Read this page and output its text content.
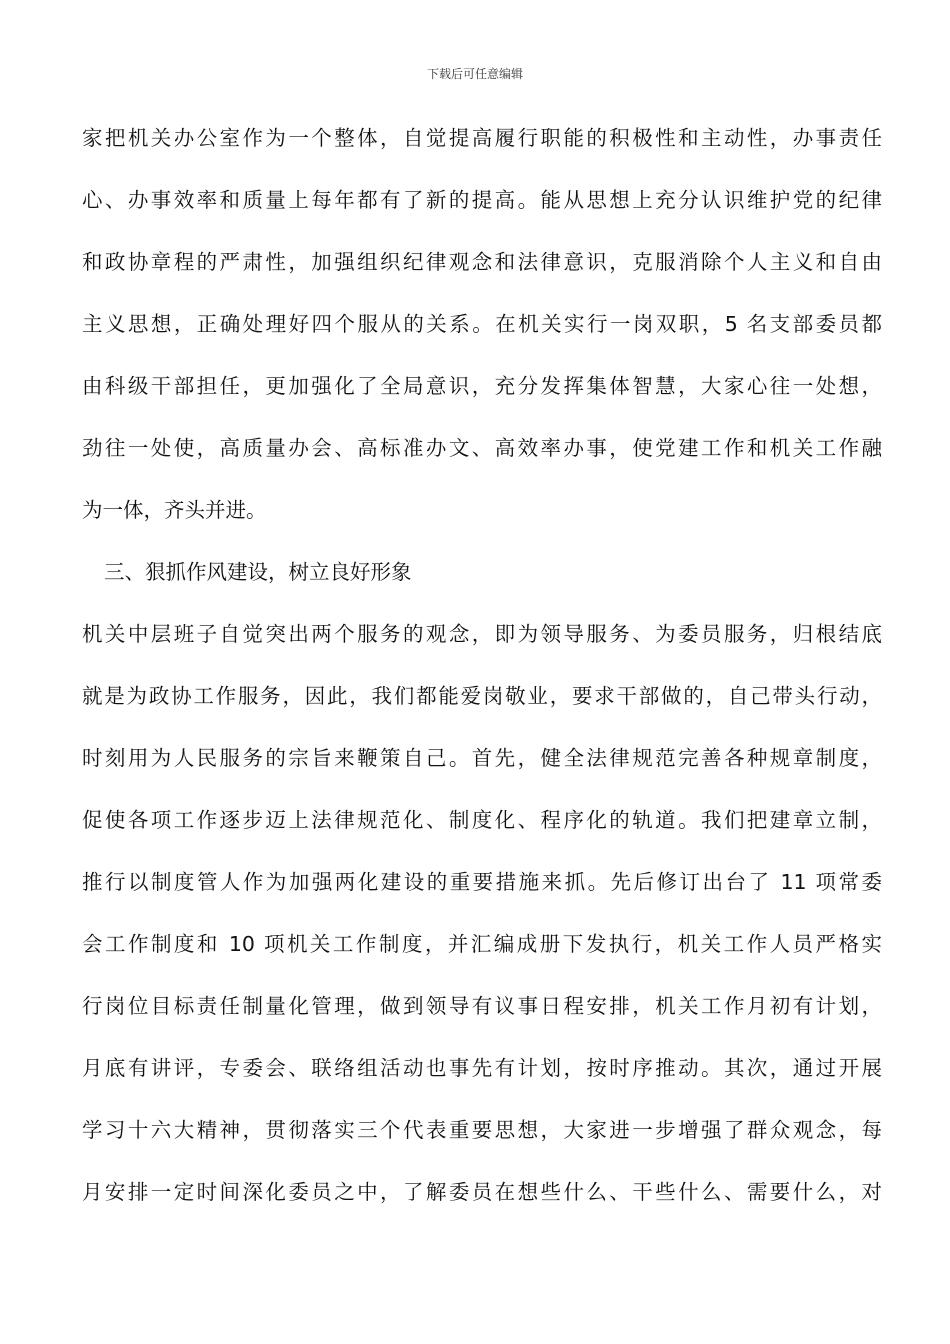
下载后可任意编辑
家把机关办公室作为一个整体，自觉提高履行职能的积极性和主动性，办事责任
心、办事效率和质量上每年都有了新的提高。能从思想上充分认识维护党的纪律
和政协章程的严肃性，加强组织纪律观念和法律意识，克服消除个人主义和自由
主义思想，正确处理好四个服从的关系。在机关实行一岗双职，5 名支部委员都
由科级干部担任，更加强化了全局意识，充分发挥集体智慧，大家心往一处想，
劲往一处使，高质量办会、高标准办文、高效率办事，使党建工作和机关工作融
为一体，齐头并进。
三、狠抓作风建设，树立良好形象
机关中层班子自觉突出两个服务的观念，即为领导服务、为委员服务，归根结底
就是为政协工作服务，因此，我们都能爱岗敬业，要求干部做的，自己带头行动，
时刻用为人民服务的宗旨来鞭策自己。首先，健全法律规范完善各种规章制度，
促使各项工作逐步迈上法律规范化、制度化、程序化的轨道。我们把建章立制，
推行以制度管人作为加强两化建设的重要措施来抓。先后修订出台了 11 项常委
会工作制度和 10 项机关工作制度，并汇编成册下发执行，机关工作人员严格实
行岗位目标责任制量化管理，做到领导有议事日程安排，机关工作月初有计划，
月底有讲评，专委会、联络组活动也事先有计划，按时序推动。其次，通过开展
学习十六大精神，贯彻落实三个代表重要思想，大家进一步增强了群众观念，每
月安排一定时间深化委员之中，了解委员在想些什么、干些什么、需要什么，对
